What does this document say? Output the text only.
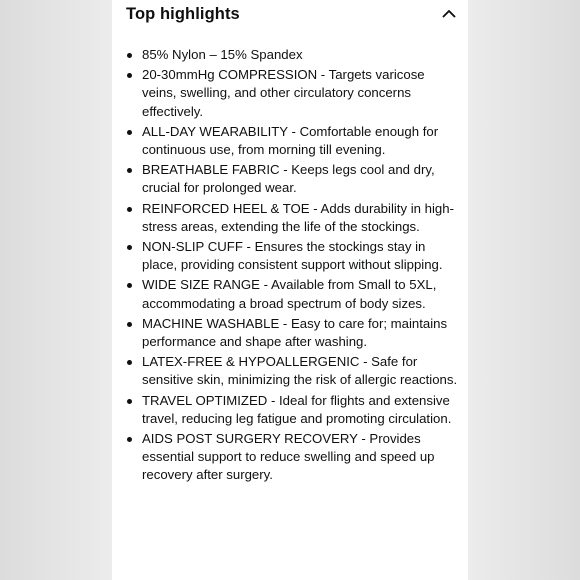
Top highlights
85% Nylon – 15% Spandex
20-30mmHg COMPRESSION - Targets varicose veins, swelling, and other circulatory concerns effectively.
ALL-DAY WEARABILITY - Comfortable enough for continuous use, from morning till evening.
BREATHABLE FABRIC - Keeps legs cool and dry, crucial for prolonged wear.
REINFORCED HEEL & TOE - Adds durability in high-stress areas, extending the life of the stockings.
NON-SLIP CUFF - Ensures the stockings stay in place, providing consistent support without slipping.
WIDE SIZE RANGE - Available from Small to 5XL, accommodating a broad spectrum of body sizes.
MACHINE WASHABLE - Easy to care for; maintains performance and shape after washing.
LATEX-FREE & HYPOALLERGENIC - Safe for sensitive skin, minimizing the risk of allergic reactions.
TRAVEL OPTIMIZED - Ideal for flights and extensive travel, reducing leg fatigue and promoting circulation.
AIDS POST SURGERY RECOVERY - Provides essential support to reduce swelling and speed up recovery after surgery.
